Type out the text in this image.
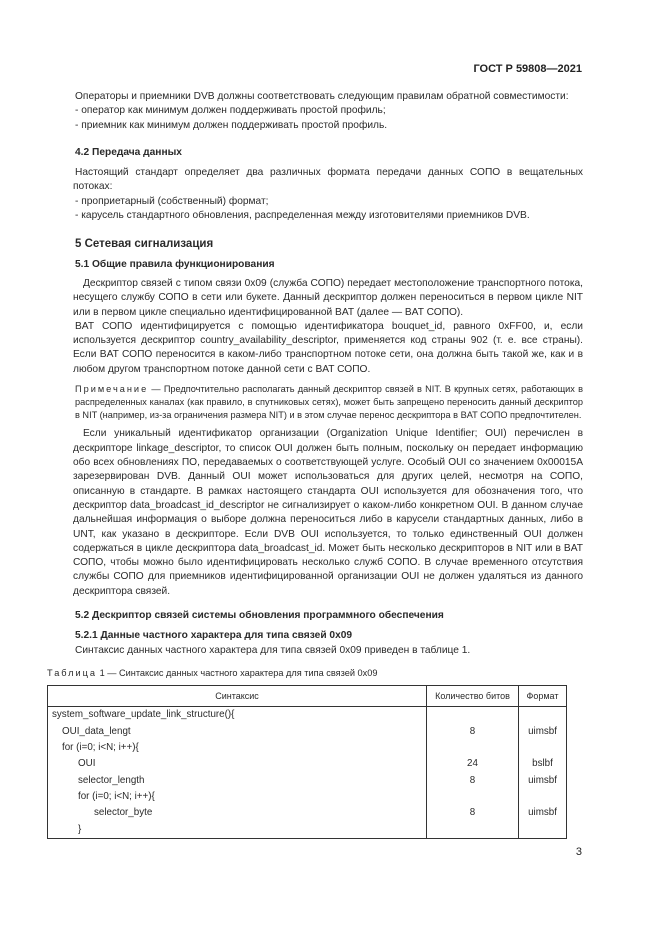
ГОСТ Р 59808—2021

Операторы и приемники DVB должны соответствовать следующим правилам обратной совместимости:

- оператор как минимум должен поддерживать простой профиль;

- приемник как минимум должен поддерживать простой профиль.

4.2 Передача данных

Настоящий стандарт определяет два различных формата передачи данных СОПО в вещательных потоках:

- проприетарный (собственный) формат;

- карусель стандартного обновления, распределенная между изготовителями приемников DVB.

5 Сетевая сигнализация

5.1 Общие правила функционирования

Дескриптор связей с типом связи 0x09 (служба СОПО) передает местоположение транспортного потока, несущего службу СОПО в сети или букете. Данный дескриптор должен переноситься в первом цикле NIT или в первом цикле специально идентифицированной BAT (далее — BAT СОПО).

BAT СОПО идентифицируется с помощью идентификатора bouquet_id, равного 0xFF00, и, если используется дескриптор country_availability_descriptor, применяется код страны 902 (т. е. все страны). Если BAT СОПО переносится в каком-либо транспортном потоке сети, она должна быть такой же, как и в любом другом транспортном потоке данной сети с BAT СОПО.

Примечание — Предпочтительно располагать данный дескриптор связей в NIT. В крупных сетях, работающих в распределенных каналах (как правило, в спутниковых сетях), может быть запрещено переносить данный дескриптор в NIT (например, из-за ограничения размера NIT) и в этом случае перенос дескриптора в BAT СОПО предпочтителен.

Если уникальный идентификатор организации (Organization Unique Identifier; OUI) перечислен в дескрипторе linkage_descriptor, то список OUI должен быть полным, поскольку он передает информацию обо всех обновлениях ПО, передаваемых о соответствующей услуге. Особый OUI со значением 0x00015A зарезервирован DVB. Данный OUI может использоваться для других целей, несмотря на СОПО, описанную в стандарте. В рамках настоящего стандарта OUI используется для обозначения того, что дескриптор data_broadcast_id_descriptor не сигнализирует о каком-либо конкретном OUI. В данном случае дальнейшая информация о выборе должна переноситься либо в карусели стандартных данных, либо в UNT, как указано в дескрипторе. Если DVB OUI используется, то только единственный OUI должен содержаться в цикле дескриптора data_broadcast_id. Может быть несколько дескрипторов в NIT или в BAT СОПО, чтобы можно было идентифицировать несколько служб СОПО. В случае временного отсутствия службы СОПО для приемников идентифицированной организации OUI не должен удаляться из данного дескриптора связей.

5.2 Дескриптор связей системы обновления программного обеспечения

5.2.1 Данные частного характера для типа связей 0x09

Синтаксис данных частного характера для типа связей 0x09 приведен в таблице 1.

Таблица 1 — Синтаксис данных частного характера для типа связей 0x09

Синтаксис	Количество битов	Формат
system_software_update_link_structure(){		
OUI_data_lengt	8	uimsbf
for (i=0; i<N; i++){		
OUI	24	bslbf
selector_length	8	uimsbf
for (i=0; i<N; i++){		
selector_byte	8	uimsbf
}		
3
